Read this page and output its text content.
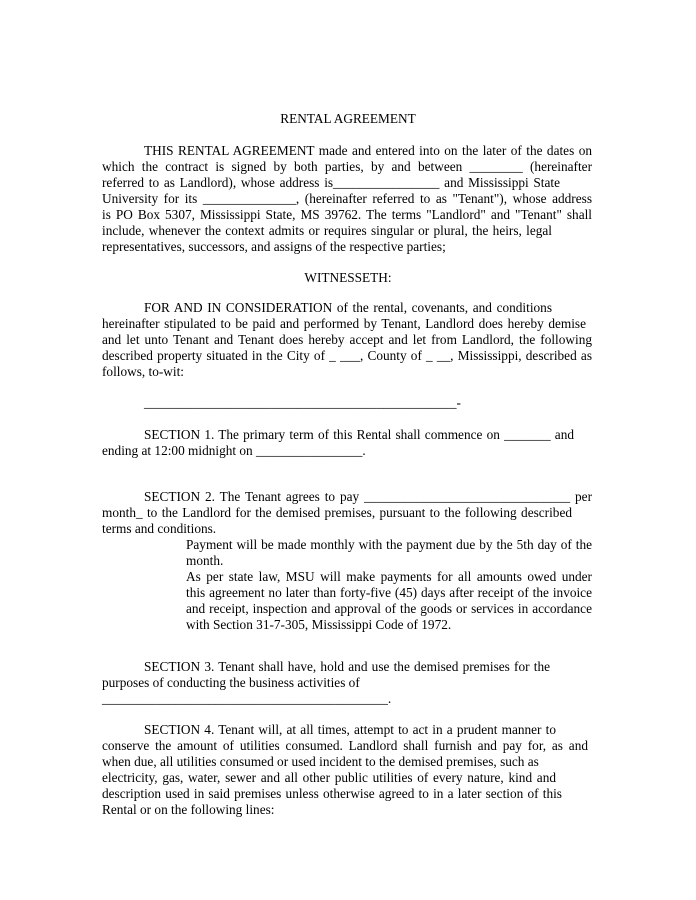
RENTAL AGREEMENT

THIS RENTAL AGREEMENT made and entered into on the later of the dates on

which the contract is signed by both parties, by and between ________ (hereinafter

referred to as Landlord), whose address is________________ and Mississippi State

University for its ______________, (hereinafter referred to as "Tenant"), whose address

is PO Box 5307, Mississippi State, MS 39762. The terms "Landlord" and "Tenant" shall

include, whenever the context admits or requires singular or plural, the heirs, legal

representatives, successors, and assigns of the respective parties;

WITNESSETH:

FOR AND IN CONSIDERATION of the rental, covenants, and conditions

hereinafter stipulated to be paid and performed by Tenant, Landlord does hereby demise

and let unto Tenant and Tenant does hereby accept and let from Landlord, the following

described property situated in the City of _ ___, County of _ __, Mississippi, described as

follows, to-wit:

_______________________________________________-

SECTION 1. The primary term of this Rental shall commence on _______ and

ending at 12:00 midnight on ________________.

SECTION 2. The Tenant agrees to pay _______________________________ per

month_ to the Landlord for the demised premises, pursuant to the following described

terms and conditions.

Payment will be made monthly with the payment due by the 5th day of the

month.

As per state law, MSU will make payments for all amounts owed under

this agreement no later than forty-five (45) days after receipt of the invoice

and receipt, inspection and approval of the goods or services in accordance

with Section 31-7-305, Mississippi Code of 1972.

SECTION 3. Tenant shall have, hold and use the demised premises for the

purposes of conducting the business activities of

___________________________________________.

SECTION 4. Tenant will, at all times, attempt to act in a prudent manner to

conserve the amount of utilities consumed. Landlord shall furnish and pay for, as and

when due, all utilities consumed or used incident to the demised premises, such as

electricity, gas, water, sewer and all other public utilities of every nature, kind and

description used in said premises unless otherwise agreed to in a later section of this

Rental or on the following lines:
